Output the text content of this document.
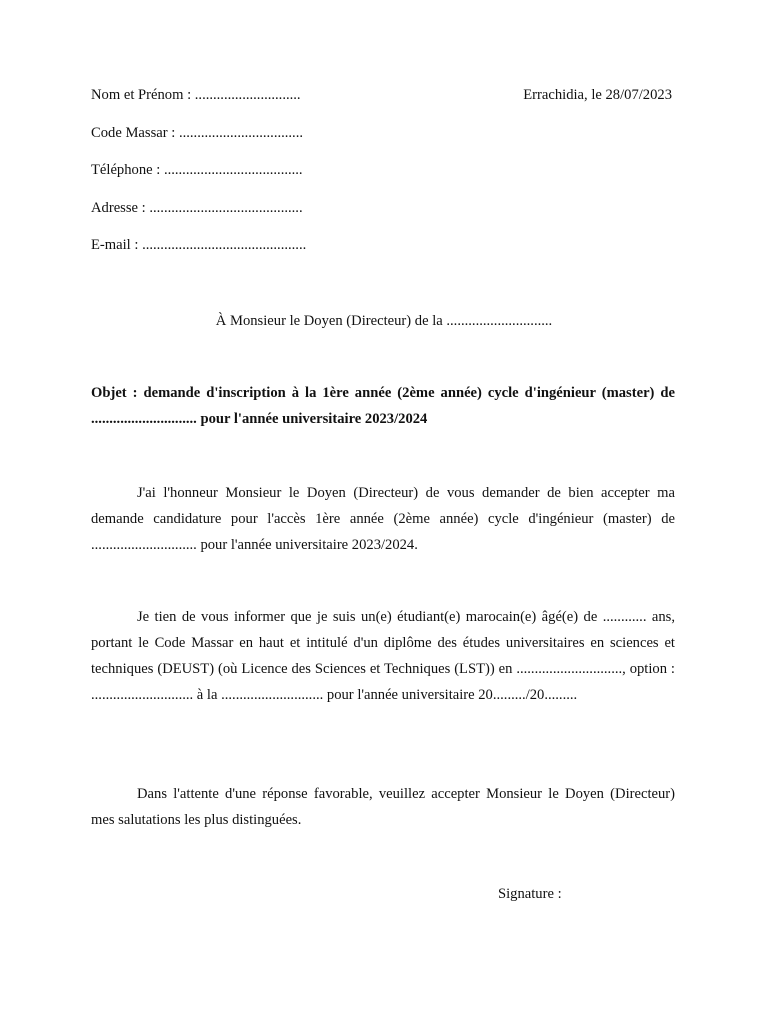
Nom et Prénom : .............................	Errachidia, le 28/07/2023
Code Massar : ..................................
Téléphone : ......................................
Adresse : ..........................................
E-mail : .............................................
À Monsieur le Doyen (Directeur) de la .............................

Objet : demande d'inscription à la 1ère année (2ème année) cycle d'ingénieur (master) de ............................. pour l'année universitaire 2023/2024

J'ai l'honneur Monsieur le Doyen (Directeur) de vous demander de bien accepter ma demande candidature pour l'accès 1ère année (2ème année) cycle d'ingénieur (master) de ............................. pour l'année universitaire 2023/2024.

Je tien de vous informer que je suis un(e) étudiant(e) marocain(e) âgé(e) de ............ ans, portant le Code Massar en haut et intitulé d'un diplôme des études universitaires en sciences et techniques (DEUST) (où Licence des Sciences et Techniques (LST)) en ............................., option : ............................ à la ............................ pour l'année universitaire 20........./20.........

Dans l'attente d'une réponse favorable, veuillez accepter Monsieur le Doyen (Directeur) mes salutations les plus distinguées.

Signature :
